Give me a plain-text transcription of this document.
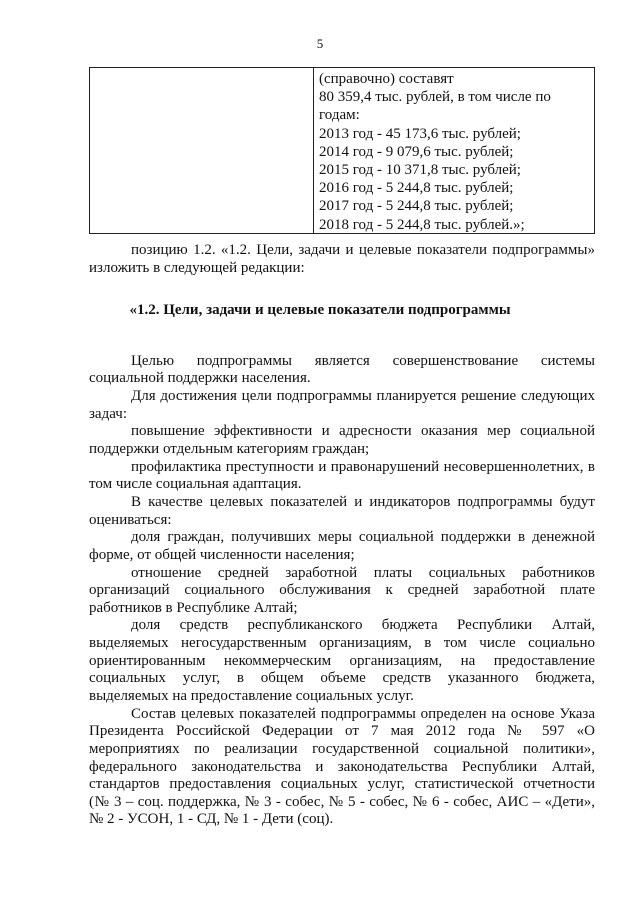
5
(справочно) составят
80 359,4 тыс. рублей, в том числе по
годам:
2013 год - 45 173,6 тыс. рублей;
2014 год - 9 079,6 тыс. рублей;
2015 год - 10 371,8 тыс. рублей;
2016 год - 5 244,8 тыс. рублей;
2017 год - 5 244,8 тыс. рублей;
2018 год - 5 244,8 тыс. рублей.»;
позицию 1.2. «1.2. Цели, задачи и целевые показатели подпрограммы»
изложить в следующей редакции:
«1.2. Цели, задачи и целевые показатели подпрограммы
Целью подпрограммы является совершенствование системы
социальной поддержки населения.
Для достижения цели подпрограммы планируется решение следующих
задач:
повышение эффективности и адресности оказания мер социальной
поддержки отдельным категориям граждан;
профилактика преступности и правонарушений несовершеннолетних, в
том числе социальная адаптация.
В качестве целевых показателей и индикаторов подпрограммы будут
оцениваться:
доля граждан, получивших меры социальной поддержки в денежной
форме, от общей численности населения;
отношение средней заработной платы социальных работников
организаций социального обслуживания к средней заработной плате
работников в Республике Алтай;
доля средств республиканского бюджета Республики Алтай,
выделяемых негосударственным организациям, в том числе социально
ориентированным некоммерческим организациям, на предоставление
социальных услуг, в общем объеме средств указанного бюджета,
выделяемых на предоставление социальных услуг.
Состав целевых показателей подпрограммы определен на основе Указа
Президента Российской Федерации от 7 мая 2012 года № 597 «О
мероприятиях по реализации государственной социальной политики»,
федерального законодательства и законодательства Республики Алтай,
стандартов предоставления социальных услуг, статистической отчетности
(№ 3 – соц. поддержка, № 3 - собес, № 5 - собес, № 6 - собес, АИС – «Дети»,
№ 2 - УСОН, 1 - СД, № 1 - Дети (соц).
